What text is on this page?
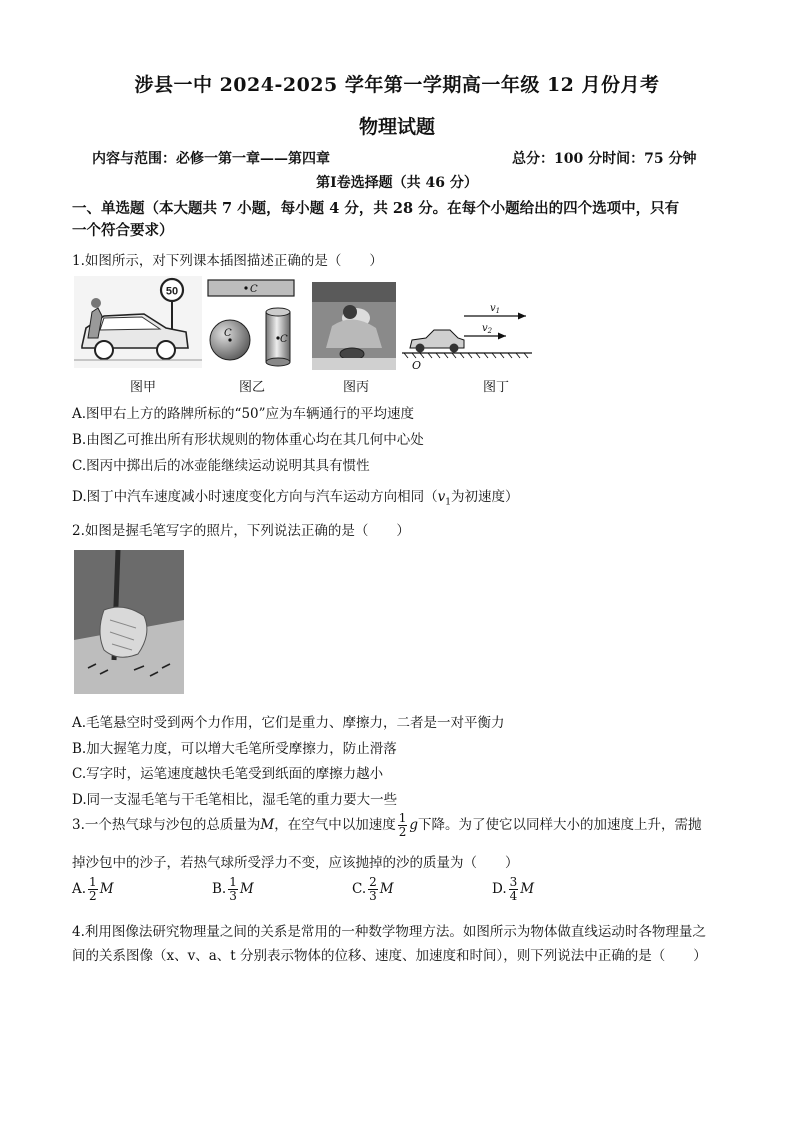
涉县一中 2024-2025 学年第一学期高一年级 12 月份月考
物理试题
内容与范围：必修一第一章——第四章	总分：100 分时间：75 分钟
第Ⅰ卷选择题（共 46 分）
一、单选题（本大题共 7 小题，每小题 4 分，共 28 分。在每个小题给出的四个选项中，只有
一个符合要求）
1.如图所示，对下列课本插图描述正确的是（ ）
50	C
C
C
$v_1$
$v_2$
O
图甲	图乙	图丙	图丁
A.图甲右上方的路牌所标的“50”应为车辆通行的平均速度
B.由图乙可推出所有形状规则的物体重心均在其几何中心处
C.图丙中掷出后的冰壶能继续运动说明其具有惯性
D.图丁中汽车速度减小时速度变化方向与汽车运动方向相同（$v_1$为初速度）
2.如图是握毛笔写字的照片，下列说法正确的是（ ）
A.毛笔悬空时受到两个力作用，它们是重力、摩擦力，二者是一对平衡力
B.加大握笔力度，可以增大毛笔所受摩擦力，防止滑落
C.写字时，运笔速度越快毛笔受到纸面的摩擦力越小
D.同一支湿毛笔与干毛笔相比，湿毛笔的重力要大一些
3.一个热气球与沙包的总质量为M，在空气中以加速度 $\frac{1}{2}$ g下降。为了使它以同样大小的加速度上升，需抛
掉沙包中的沙子，若热气球所受浮力不变，应该抛掉的沙的质量为（ ）
A. $\frac{1}{2}$ M	B. $\frac{1}{3}$ M	C. $\frac{2}{3}$ M	D. $\frac{3}{4}$ M
4.利用图像法研究物理量之间的关系是常用的一种数学物理方法。如图所示为物体做直线运动时各物理量之
间的关系图像（x、v、a、t 分别表示物体的位移、速度、加速度和时间），则下列说法中正确的是（ ）
